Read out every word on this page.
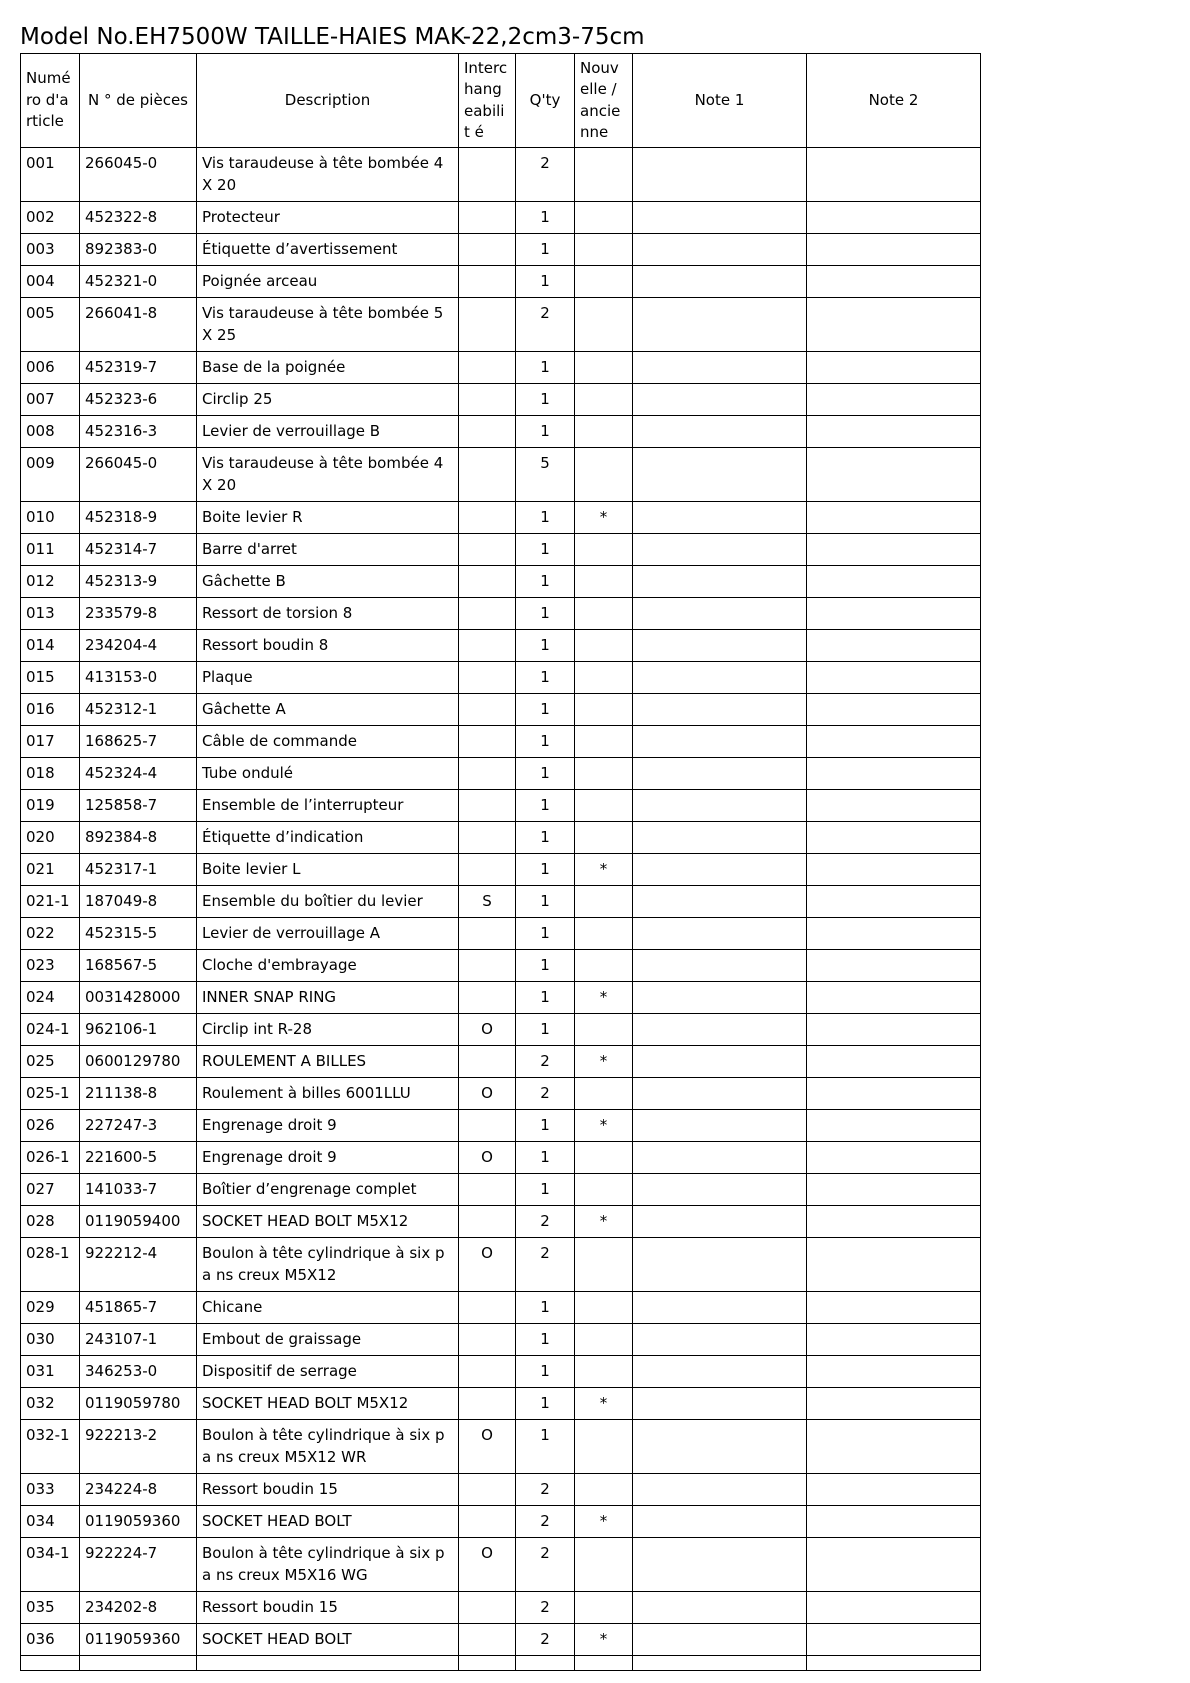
Model No.EH7500W TAILLE-HAIES MAK-22,2cm3-75cm
Numé ro d'a rticle	N ° de pièces	Description	Interc hang eabilit é	Q'ty	Nouv elle / ancie nne	Note 1	Note 2
001	266045-0	Vis taraudeuse à tête bombée 4X 20		2			
002	452322-8	Protecteur		1			
003	892383-0	Étiquette d’avertissement		1			
004	452321-0	Poignée arceau		1			
005	266041-8	Vis taraudeuse à tête bombée 5X 25		2			
006	452319-7	Base de la poignée		1			
007	452323-6	Circlip 25		1			
008	452316-3	Levier de verrouillage B		1			
009	266045-0	Vis taraudeuse à tête bombée 4X 20		5			
010	452318-9	Boite levier R		1	*		
011	452314-7	Barre d'arret		1			
012	452313-9	Gâchette B		1			
013	233579-8	Ressort de torsion 8		1			
014	234204-4	Ressort boudin 8		1			
015	413153-0	Plaque		1			
016	452312-1	Gâchette A		1			
017	168625-7	Câble de commande		1			
018	452324-4	Tube ondulé		1			
019	125858-7	Ensemble de l’interrupteur		1			
020	892384-8	Étiquette d’indication		1			
021	452317-1	Boite levier L		1	*		
021-1	187049-8	Ensemble du boîtier du levier	S	1			
022	452315-5	Levier de verrouillage A		1			
023	168567-5	Cloche d'embrayage		1			
024	0031428000	INNER SNAP RING		1	*		
024-1	962106-1	Circlip int R-28	O	1			
025	0600129780	ROULEMENT A BILLES		2	*		
025-1	211138-8	Roulement à billes 6001LLU	O	2			
026	227247-3	Engrenage droit 9		1	*		
026-1	221600-5	Engrenage droit 9	O	1			
027	141033-7	Boîtier d’engrenage complet		1			
028	0119059400	SOCKET HEAD BOLT M5X12		2	*		
028-1	922212-4	Boulon à tête cylindrique à six pa ns creux M5X12	O	2			
029	451865-7	Chicane		1			
030	243107-1	Embout de graissage		1			
031	346253-0	Dispositif de serrage		1			
032	0119059780	SOCKET HEAD BOLT M5X12		1	*		
032-1	922213-2	Boulon à tête cylindrique à six pa ns creux M5X12 WR	O	1			
033	234224-8	Ressort boudin 15		2			
034	0119059360	SOCKET HEAD BOLT		2	*		
034-1	922224-7	Boulon à tête cylindrique à six pa ns creux M5X16 WG	O	2			
035	234202-8	Ressort boudin 15		2			
036	0119059360	SOCKET HEAD BOLT		2	*		
